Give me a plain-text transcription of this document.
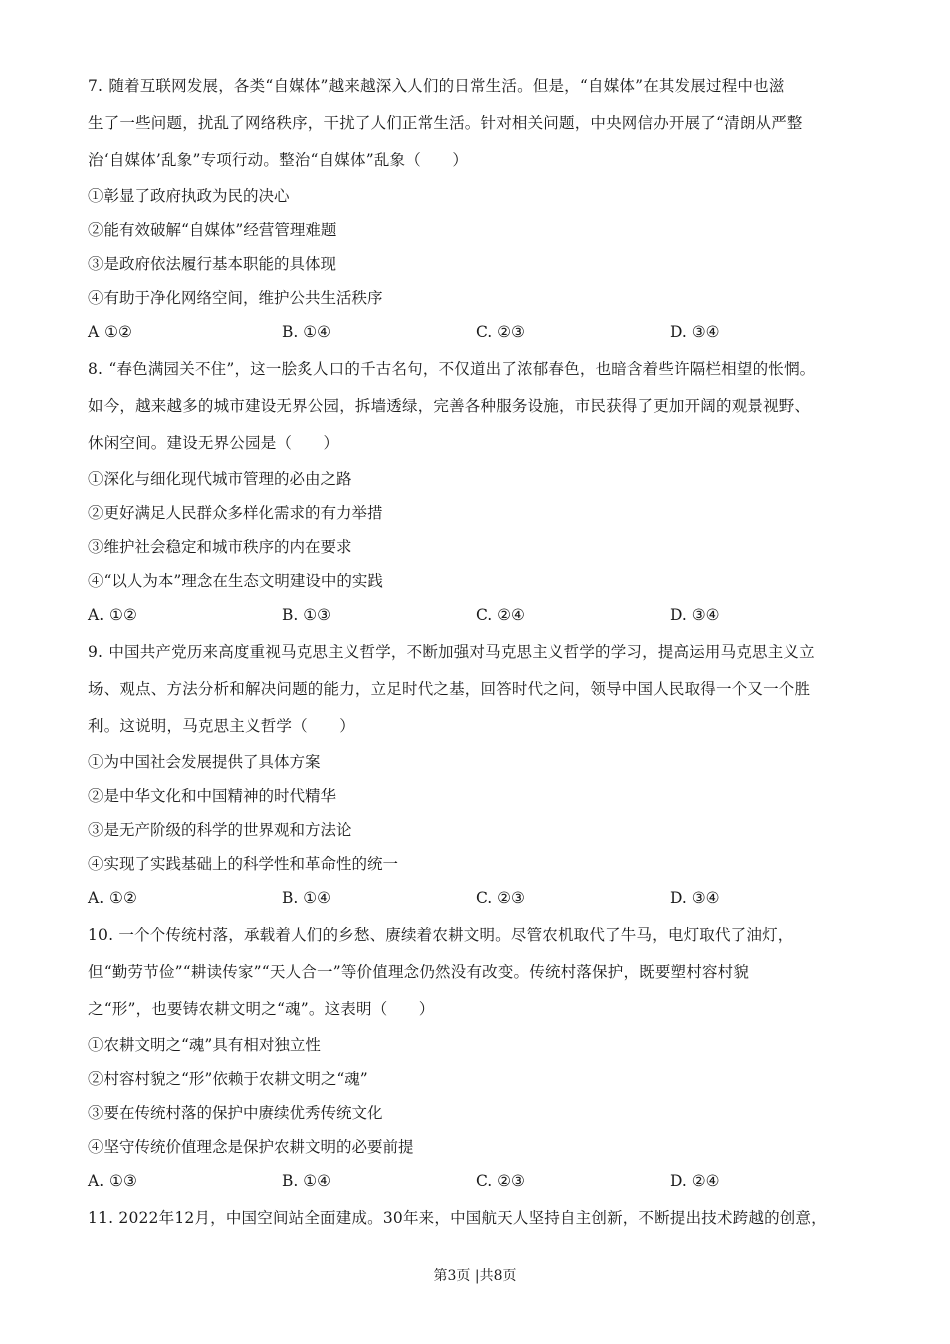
7. 随着互联网发展，各类“自媒体”越来越深入人们的日常生活。但是，“自媒体”在其发展过程中也滋
生了一些问题，扰乱了网络秩序，干扰了人们正常生活。针对相关问题，中央网信办开展了“清朗从严整
治‘自媒体’乱象”专项行动。整治“自媒体”乱象（　　）
①彰显了政府执政为民的决心
②能有效破解“自媒体”经营管理难题
③是政府依法履行基本职能的具体现
④有助于净化网络空间，维护公共生活秩序
A ①②	B. ①④	C. ②③	D. ③④
8. “春色满园关不住”，这一脍炙人口的千古名句，不仅道出了浓郁春色，也暗含着些许隔栏相望的怅惘。
如今，越来越多的城市建设无界公园，拆墙透绿，完善各种服务设施，市民获得了更加开阔的观景视野、
休闲空间。建设无界公园是（　　）
①深化与细化现代城市管理的必由之路
②更好满足人民群众多样化需求的有力举措
③维护社会稳定和城市秩序的内在要求
④“以人为本”理念在生态文明建设中的实践
A. ①②	B. ①③	C. ②④	D. ③④
9. 中国共产党历来高度重视马克思主义哲学，不断加强对马克思主义哲学的学习，提高运用马克思主义立
场、观点、方法分析和解决问题的能力，立足时代之基，回答时代之问，领导中国人民取得一个又一个胜
利。这说明，马克思主义哲学（　　）
①为中国社会发展提供了具体方案
②是中华文化和中国精神的时代精华
③是无产阶级的科学的世界观和方法论
④实现了实践基础上的科学性和革命性的统一
A. ①②	B. ①④	C. ②③	D. ③④
10. 一个个传统村落，承载着人们的乡愁、赓续着农耕文明。尽管农机取代了牛马，电灯取代了油灯，
但“勤劳节俭”“耕读传家”“天人合一”等价值理念仍然没有改变。传统村落保护，既要塑村容村貌
之“形”，也要铸农耕文明之“魂”。这表明（　　）
①农耕文明之“魂”具有相对独立性
②村容村貌之“形”依赖于农耕文明之“魂”
③要在传统村落的保护中赓续优秀传统文化
④坚守传统价值理念是保护农耕文明的必要前提
A. ①③	B. ①④	C. ②③	D. ②④
11. 2022年12月，中国空间站全面建成。30年来，中国航天人坚持自主创新，不断提出技术跨越的创意，
第3页 |共8页
